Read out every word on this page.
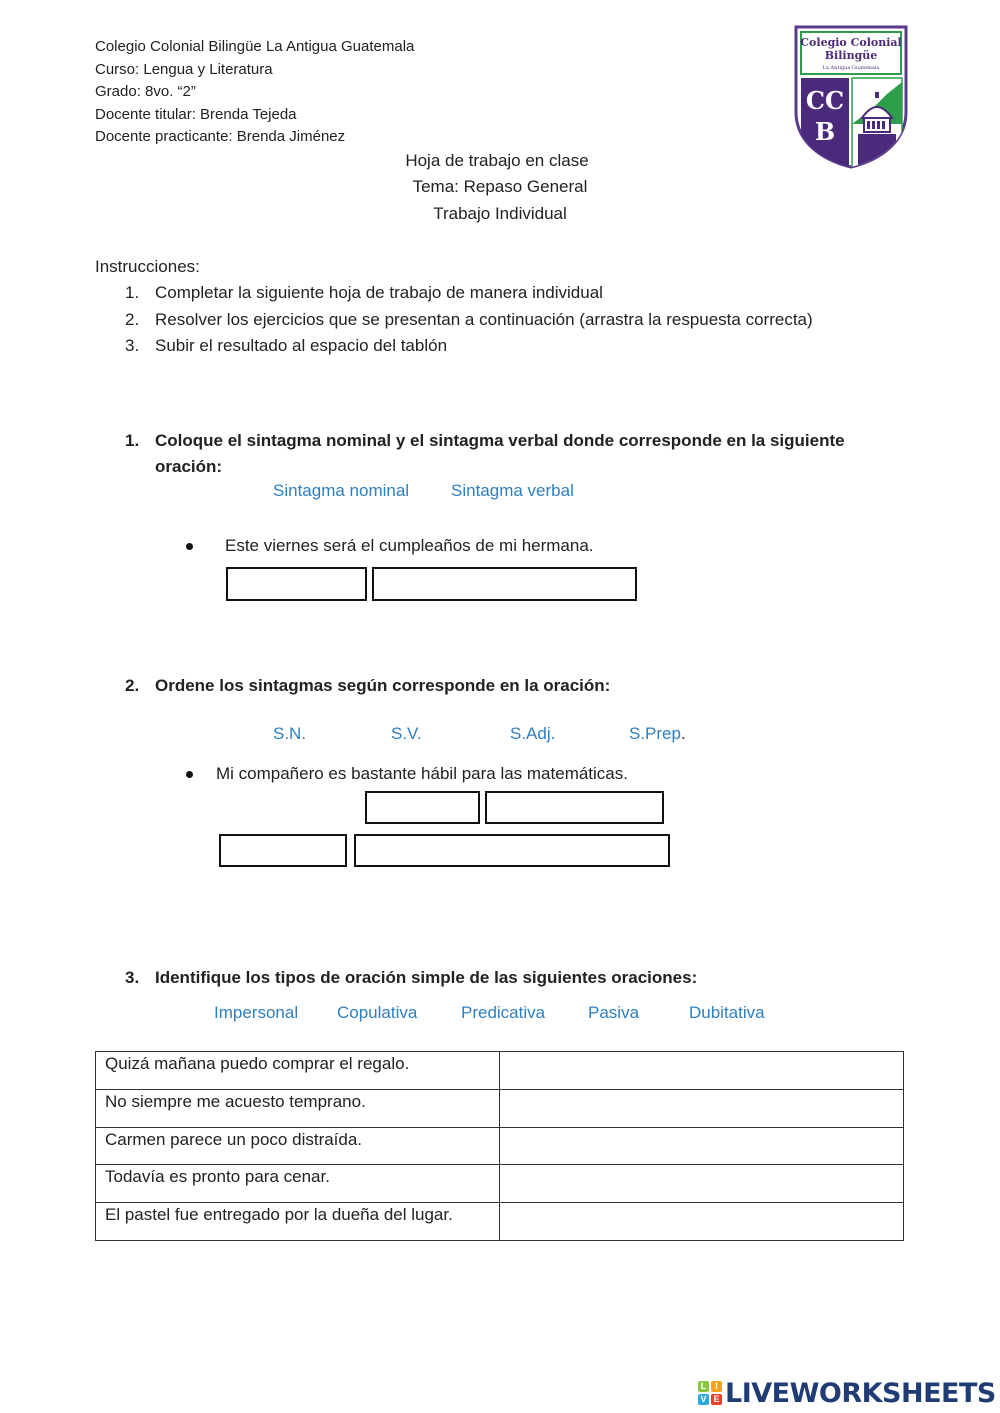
Colegio Colonial Bilingüe La Antigua Guatemala
Curso: Lengua y Literatura
Grado: 8vo. “2”
Docente titular: Brenda Tejeda
Docente practicante: Brenda Jiménez
Colegio Colonial
Bilingüe
La Antigua Guatemala
CC
B
Hoja de trabajo en clase
Tema: Repaso General
Trabajo Individual
Instrucciones:
1. Completar la siguiente hoja de trabajo de manera individual
2. Resolver los ejercicios que se presentan a continuación (arrastra la respuesta correcta)
3. Subir el resultado al espacio del tablón
1. Coloque el sintagma nominal y el sintagma verbal donde corresponde en la siguiente
oración:
Sintagma nominal Sintagma verbal
Este viernes será el cumpleaños de mi hermana.
2. Ordene los sintagmas según corresponde en la oración:
S.N.	S.V.	S.Adj.	S.Prep.
Mi compañero es bastante hábil para las matemáticas.
3. Identifique los tipos de oración simple de las siguientes oraciones:
Impersonal Copulativa	Predicativa	Pasiva	Dubitativa
Quizá mañana puedo comprar el regalo.	
No siempre me acuesto temprano.	
Carmen parece un poco distraída.	
Todavía es pronto para cenar.	
El pastel fue entregado por la dueña del lugar.	
L I
V E LIVEWORKSHEETS
